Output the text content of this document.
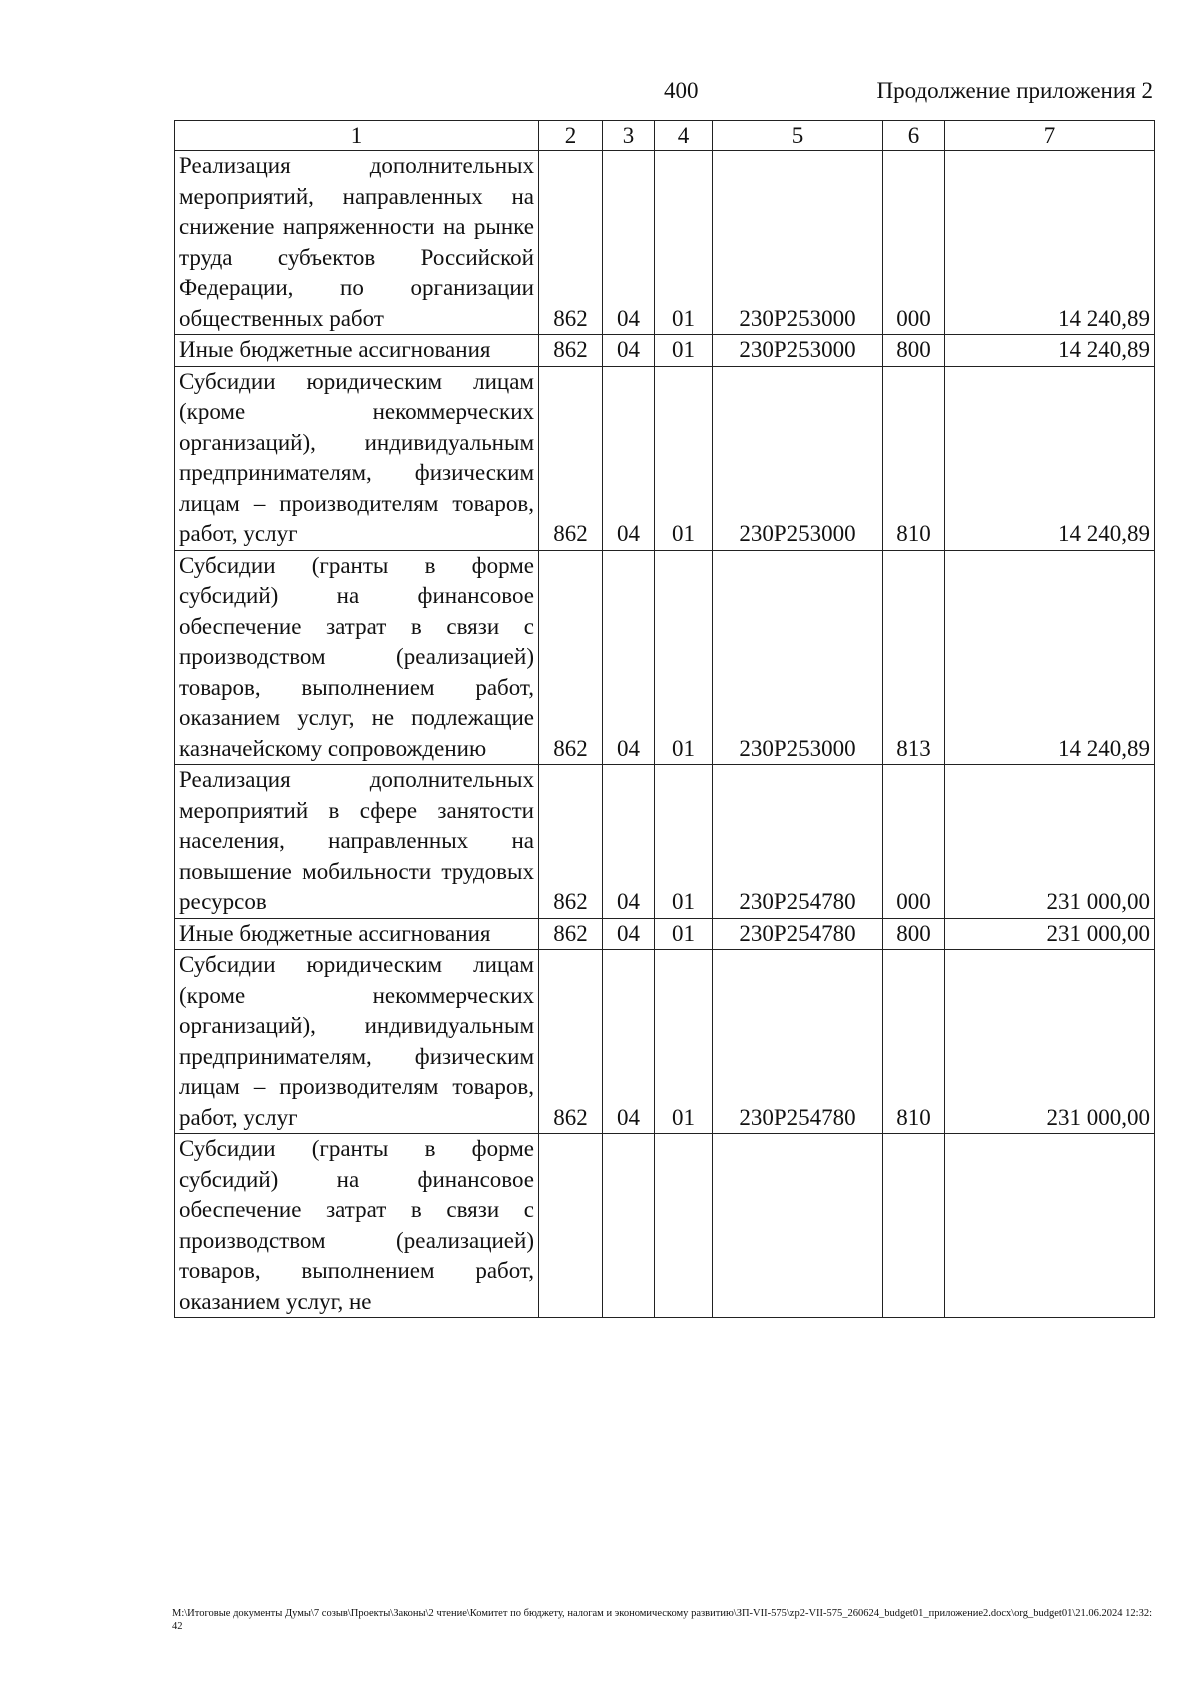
400	Продолжение приложения 2
1	2	3	4	5	6	7
Реализация дополнительных мероприятий, направленных на снижение напряженности на рынке труда субъектов Российской Федерации, по организации общественных работ	862	04	01	230P253000	000	14 240,89
Иные бюджетные ассигнования	862	04	01	230P253000	800	14 240,89
Субсидии юридическим лицам (кроме некоммерческих организаций), индивидуальным предпринимателям, физическим лицам – производителям товаров, работ, услуг	862	04	01	230P253000	810	14 240,89
Субсидии (гранты в форме субсидий) на финансовое обеспечение затрат в связи с производством (реализацией) товаров, выполнением работ, оказанием услуг, не подлежащие казначейскому сопровождению	862	04	01	230P253000	813	14 240,89
Реализация дополнительных мероприятий в сфере занятости населения, направленных на повышение мобильности трудовых ресурсов	862	04	01	230P254780	000	231 000,00
Иные бюджетные ассигнования	862	04	01	230P254780	800	231 000,00
Субсидии юридическим лицам (кроме некоммерческих организаций), индивидуальным предпринимателям, физическим лицам – производителям товаров, работ, услуг	862	04	01	230P254780	810	231 000,00
Субсидии (гранты в форме субсидий) на финансовое обеспечение затрат в связи с производством (реализацией) товаров, выполнением работ, оказанием услуг, не						
M:\Итоговые документы Думы\7 созыв\Проекты\Законы\2 чтение\Комитет по бюджету, налогам и экономическому развитию\ЗП-VII-575\zp2-VII-575_260624_budget01_приложение2.docx\org_budget01\21.06.2024 12:32:42
